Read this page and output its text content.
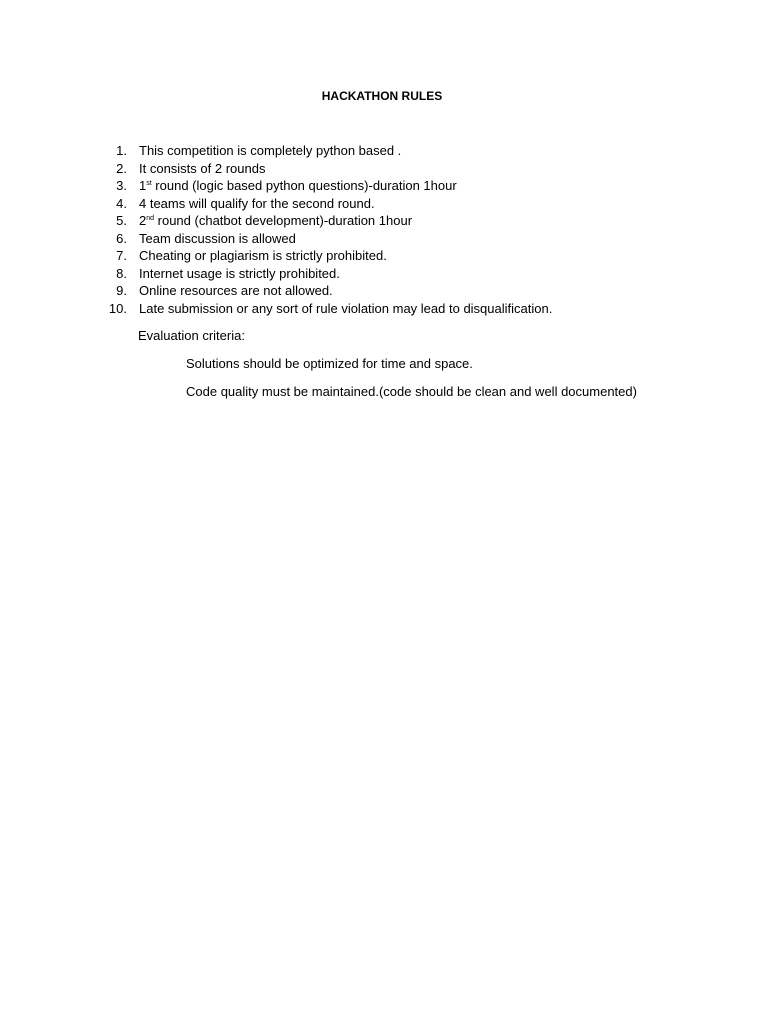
HACKATHON RULES
1. This competition is completely python based .
2. It consists of 2 rounds
3. 1st round (logic based python questions)-duration 1hour
4. 4 teams will qualify for the second round.
5. 2nd round (chatbot development)-duration 1hour
6. Team discussion is allowed
7. Cheating or plagiarism is strictly prohibited.
8. Internet usage is strictly prohibited.
9. Online resources are not allowed.
10. Late submission or any sort of rule violation may lead to disqualification.
Evaluation criteria:
Solutions should be optimized for time and space.
Code quality must be maintained.(code should be clean and well documented)
